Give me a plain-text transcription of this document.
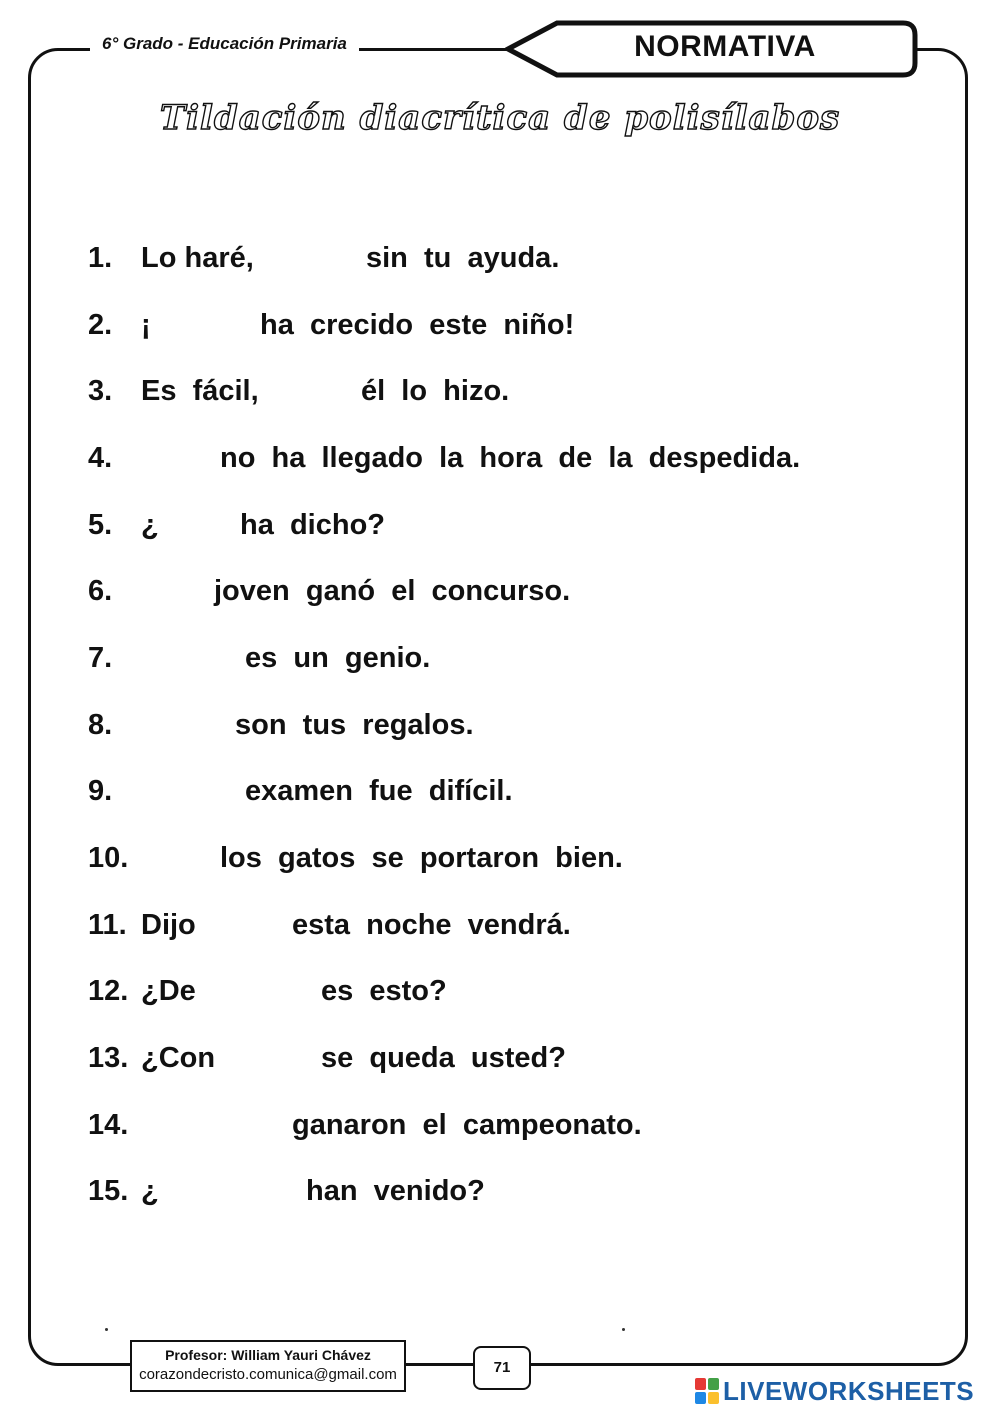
6° Grado - Educación Primaria	NORMATIVA
Tildación diacrítica de polisílabos
1. Lo haré,	sin  tu  ayuda.
2. ¡	ha  crecido  este  niño!
3. Es  fácil,	él  lo  hizo.
4.	no  ha  llegado  la  hora  de  la  despedida.
5. ¿	ha  dicho?
6.	joven  ganó  el  concurso.
7.	es  un  genio.
8.	son  tus  regalos.
9.	examen  fue  difícil.
10.	los  gatos  se  portaron  bien.
11. Dijo	esta  noche  vendrá.
12. ¿De	es  esto?
13. ¿Con	se  queda  usted?
14.	ganaron  el  campeonato.
15. ¿	han  venido?
Profesor: William Yauri Chávez
corazondecristo.comunica@gmail.com	71
LIVEWORKSHEETS
